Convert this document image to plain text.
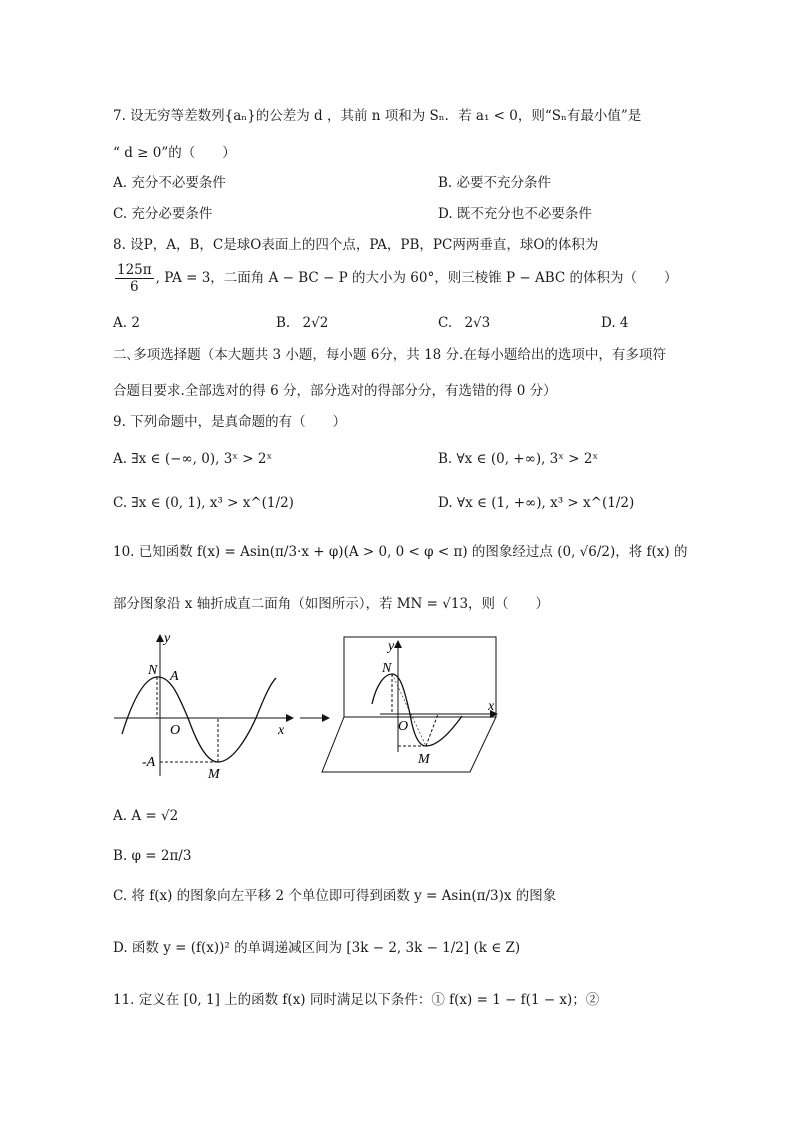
7. 设无穷等差数列{aₙ}的公差为 d ，其前 n 项和为 Sₙ．若 a₁ < 0，则“Sₙ有最小值”是
“ d ≥ 0”的（　　）
A. 充分不必要条件	B. 必要不充分条件
C. 充分必要条件	D. 既不充分也不必要条件
8. 设P，A，B，C是球O表面上的四个点，PA，PB，PC两两垂直，球O的体积为
$\frac{125\pi}{6}$ , PA = 3，二面角 A − BC − P 的大小为 60°，则三棱锥 P − ABC 的体积为（　　）
A. 2	B. 2√2	C. 2√3	D. 4
二､多项选择题（本大题共 3 小题，每小题 6分，共 18 分.在每小题给出的选项中，有多项符
合题目要求.全部选对的得 6 分，部分选对的得部分分，有选错的得 0 分）
9. 下列命题中，是真命题的有（　　）
A. ∃x ∈ (−∞, 0), 3ˣ > 2ˣ	B. ∀x ∈ (0, +∞), 3ˣ > 2ˣ
C. ∃x ∈ (0, 1), x³ > x^(1/2)	D. ∀x ∈ (1, +∞), x³ > x^(1/2)
10. 已知函数 f(x) = Asin(π/3·x + φ)(A > 0, 0 < φ < π) 的图象经过点 (0, √6/2)，将 f(x) 的
部分图象沿 x 轴折成直二面角（如图所示），若 MN = √13，则（　　）
y
x
N A
O
-A
M
y
x
N
O
M
A. A = √2
B. φ = 2π/3
C. 将 f(x) 的图象向左平移 2 个单位即可得到函数 y = Asin(π/3)x 的图象
D. 函数 y = (f(x))² 的单调递减区间为 [3k − 2, 3k − 1/2] (k ∈ Z)
11. 定义在 [0, 1] 上的函数 f(x) 同时满足以下条件：① f(x) = 1 − f(1 − x)；②
